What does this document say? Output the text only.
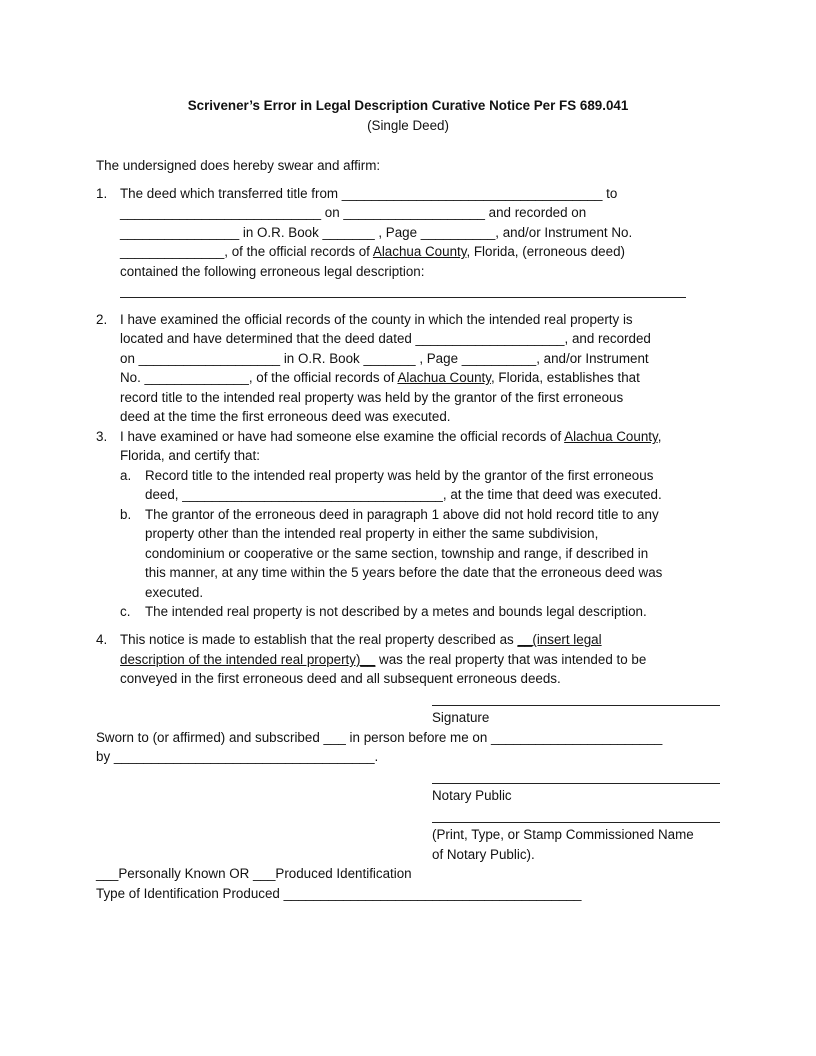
Scrivener’s Error in Legal Description Curative Notice Per FS 689.041
(Single Deed)
The undersigned does hereby swear and affirm:
1. The deed which transferred title from ___________________________________ to
___________________________ on ___________________ and recorded on
________________ in O.R. Book _______ , Page __________, and/or Instrument No.
______________, of the official records of Alachua County, Florida, (erroneous deed)
contained the following erroneous legal description:
2. I have examined the official records of the county in which the intended real property is
located and have determined that the deed dated ____________________, and recorded
on ___________________ in O.R. Book _______ , Page __________, and/or Instrument
No. ______________, of the official records of Alachua County, Florida, establishes that
record title to the intended real property was held by the grantor of the first erroneous
deed at the time the first erroneous deed was executed.
3. I have examined or have had someone else examine the official records of Alachua County,
Florida, and certify that:
a. Record title to the intended real property was held by the grantor of the first erroneous
deed, ___________________________________, at the time that deed was executed.
b. The grantor of the erroneous deed in paragraph 1 above did not hold record title to any
property other than the intended real property in either the same subdivision,
condominium or cooperative or the same section, township and range, if described in
this manner, at any time within the 5 years before the date that the erroneous deed was
executed.
c. The intended real property is not described by a metes and bounds legal description.
4. This notice is made to establish that the real property described as __(insert legal
description of the intended real property)__ was the real property that was intended to be
conveyed in the first erroneous deed and all subsequent erroneous deeds.
Signature
Sworn to (or affirmed) and subscribed ___ in person before me on _______________________
by ___________________________________.
Notary Public
(Print, Type, or Stamp Commissioned Name
of Notary Public).
___Personally Known OR ___Produced Identification
Type of Identification Produced ________________________________________
